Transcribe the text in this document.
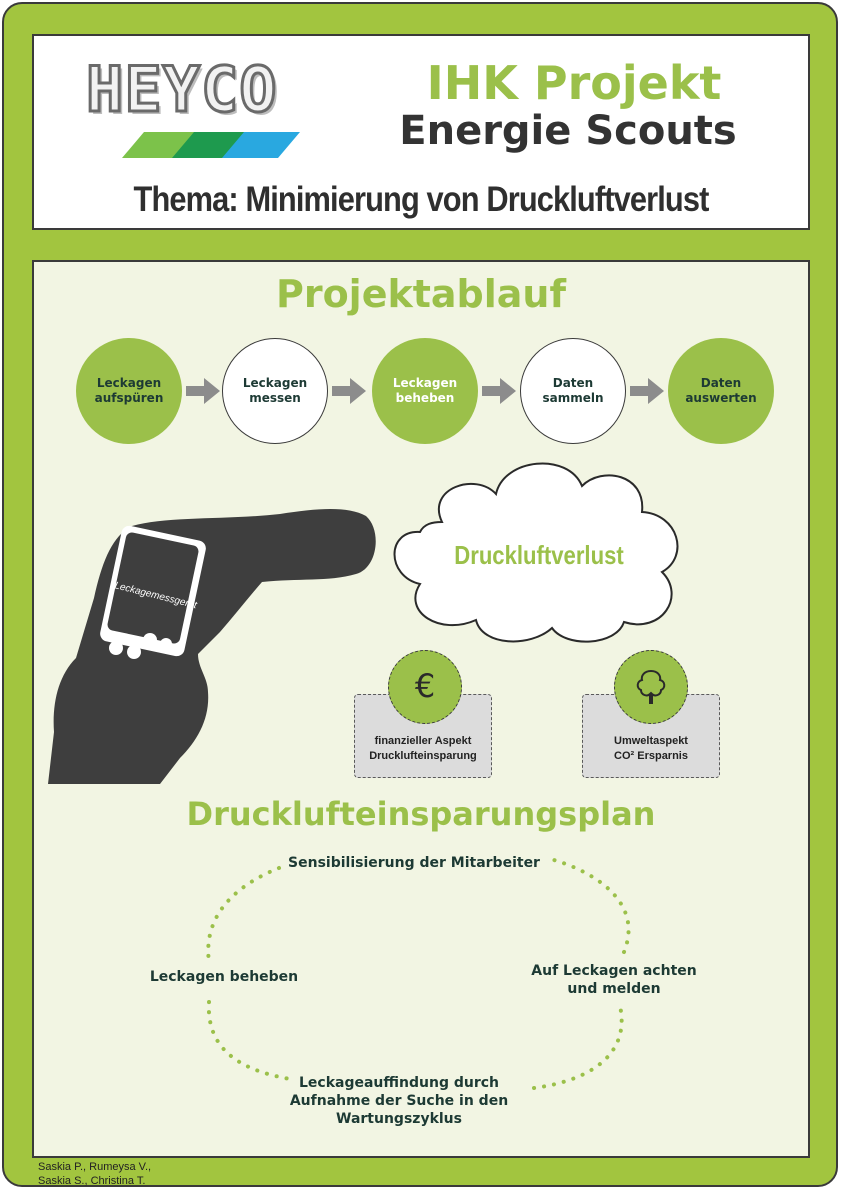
HEYCO	IHK Projekt
Energie Scouts
Thema: Minimierung von Druckluftverlust
Projektablauf
Leckagen
aufspüren
Leckagen
messen
Leckagen
beheben
Daten
sammeln
Daten
auswerten
Druckluftverlust
Leckagemessgerät
€
finanzieller Aspekt
Drucklufteinsparung
Umweltaspekt
CO² Ersparnis
Drucklufteinsparungsplan
Sensibilisierung der Mitarbeiter
Auf Leckagen achten
und melden
Leckageauffindung durch
Aufnahme der Suche in den
Wartungszyklus
Leckagen beheben
Saskia P., Rumeysa V.,
Saskia S., Christina T.
